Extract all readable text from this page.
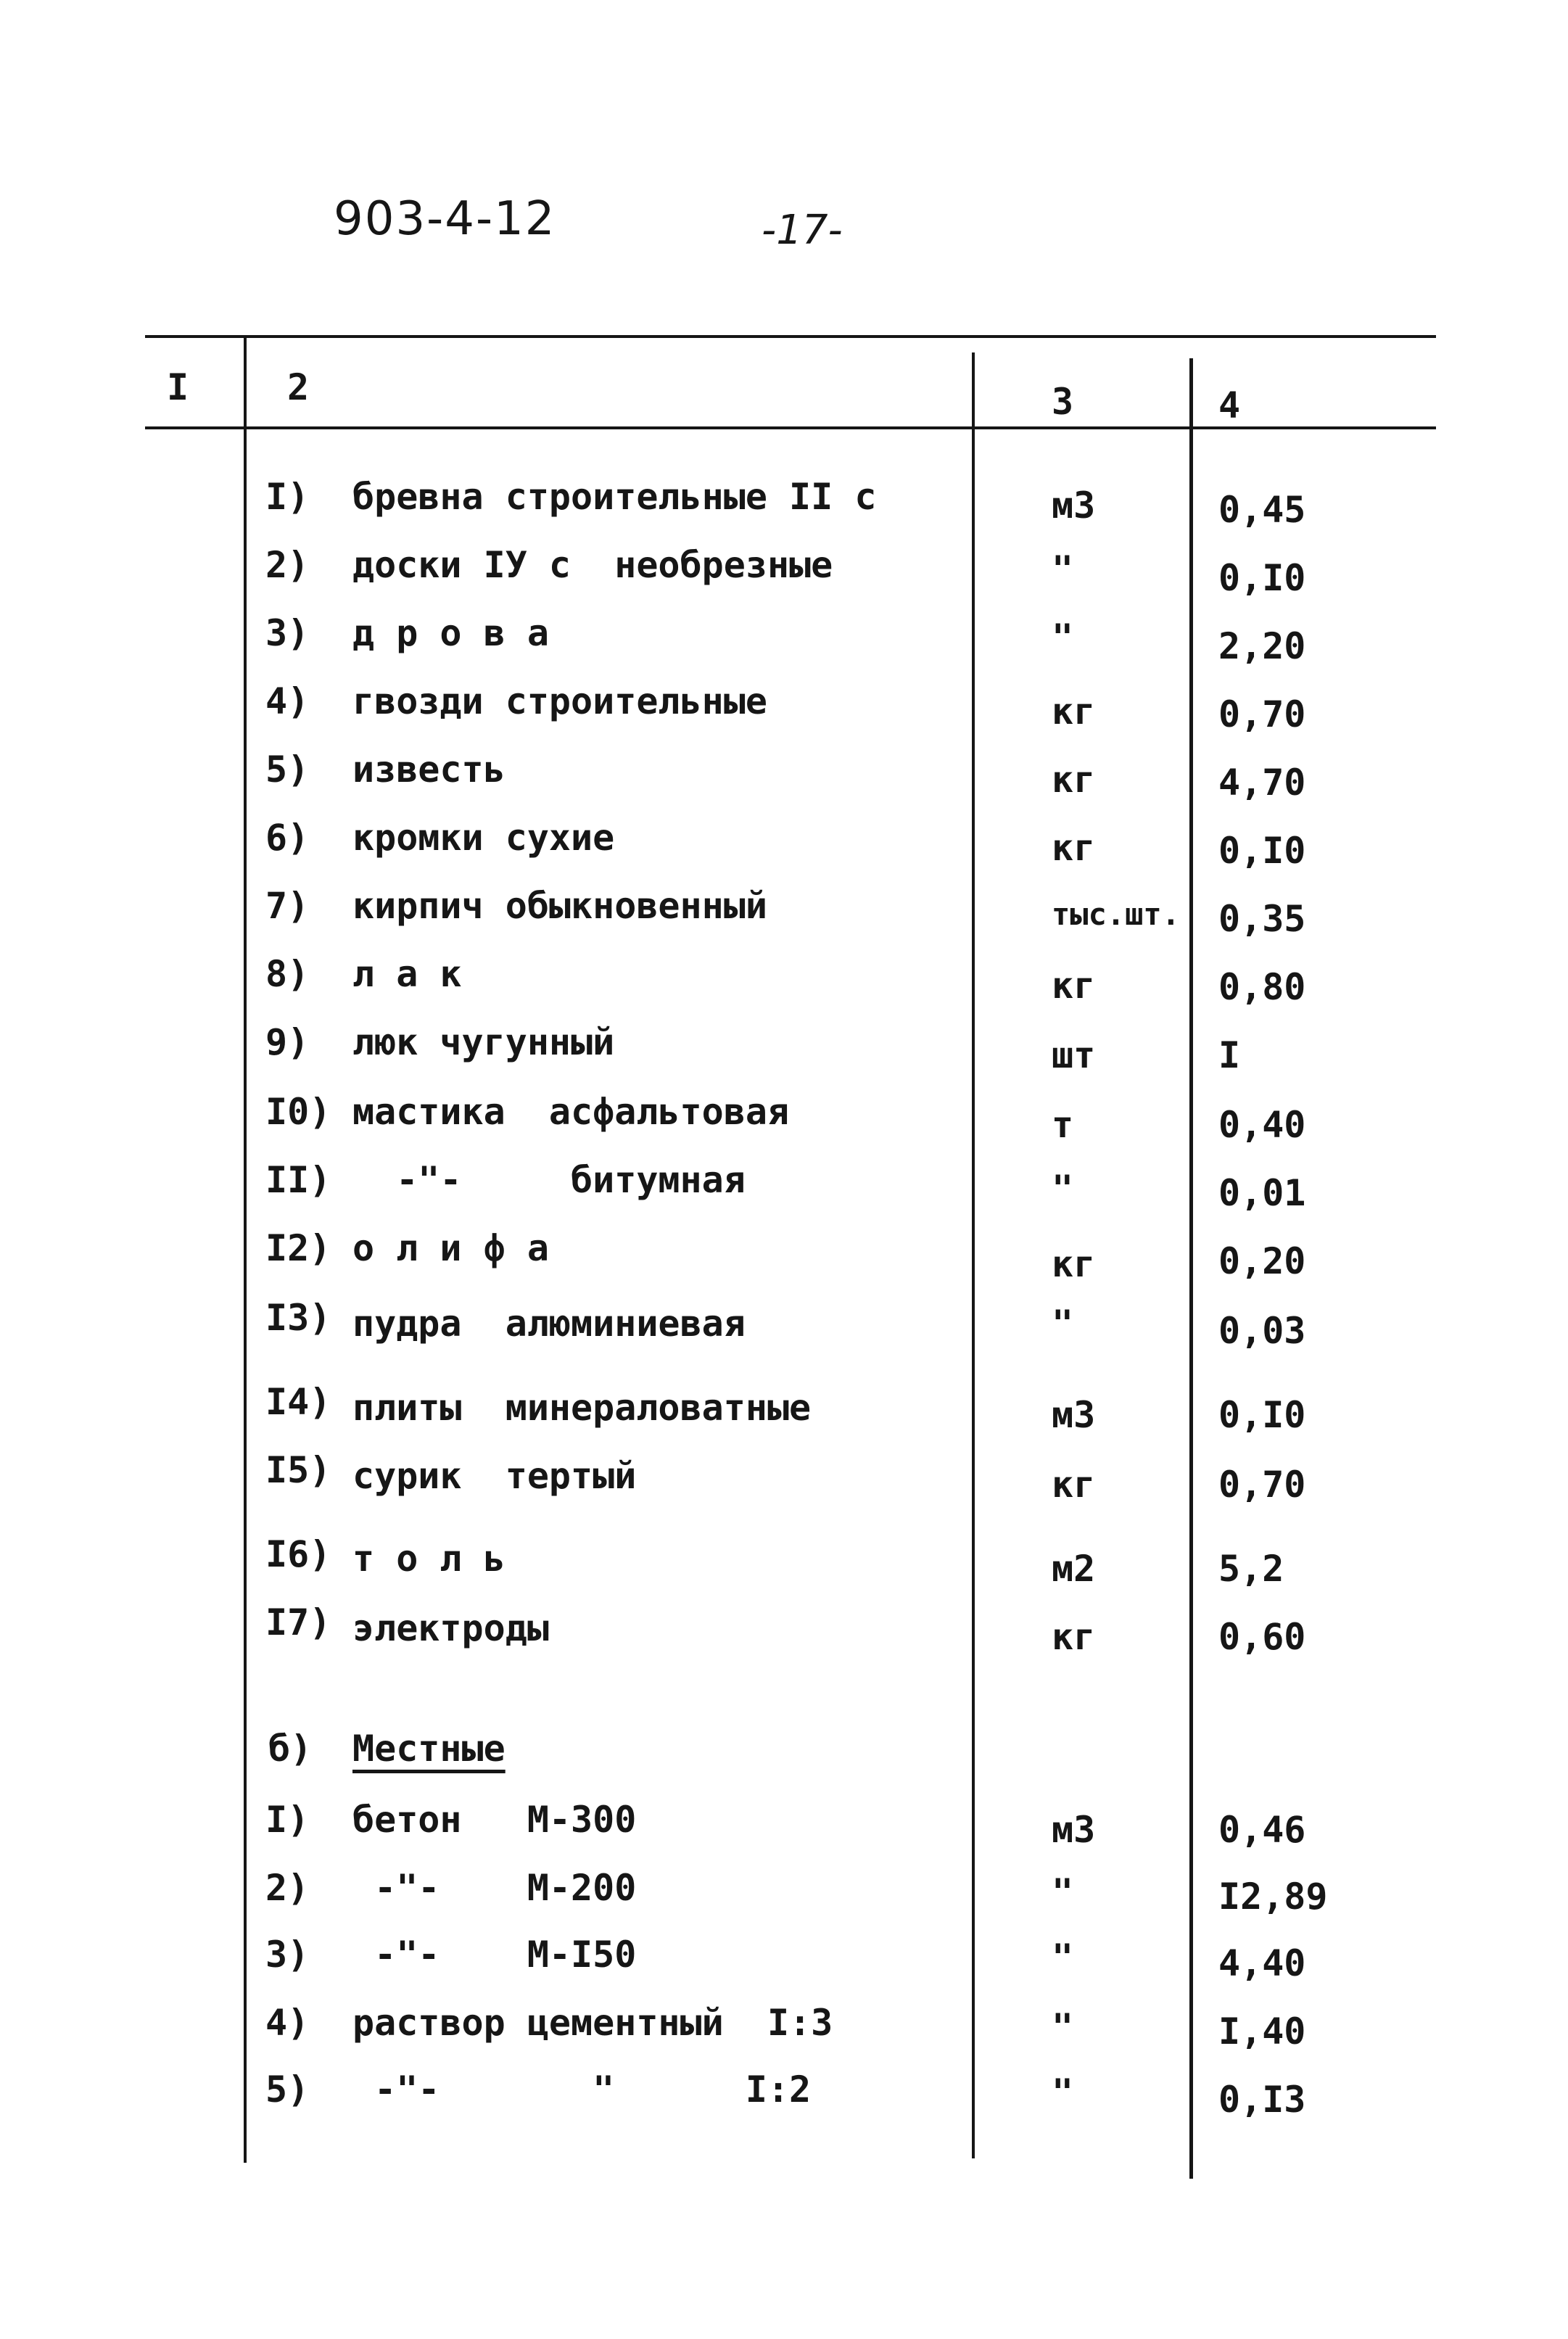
903-4-12	-17-
I	2	3	4
I) бревна строительные II с	м3	0,45
2) доски IУ с  необрезные	"	0,I0
3) д р о в а	"	2,20
4) гвозди строительные	кг	0,70
5) известь	кг	4,70
6) кромки сухие	кг	0,I0
7) кирпич обыкновенный	тыс.шт. 0,35
8) л а к	кг	0,80
9) люк чугунный	шт	I
I0) мастика  асфальтовая	т	0,40
II) -"-     битумная	"	0,01
I2) о л и ф а	кг	0,20
I3) пудра  алюминиевая	"	0,03
I4) плиты  минераловатные	м3	0,I0
I5) сурик  тертый	кг	0,70
I6) т о л ь	м2	5,2
I7) электроды	кг	0,60
б) Местные
I) бетон   М-300	м3	0,46
2) -"-    М-200	"	I2,89
3) -"-    М-I50	"	4,40
4) раствор цементный  I:3	"	I,40
5) -"-       "      I:2	"	0,I3
